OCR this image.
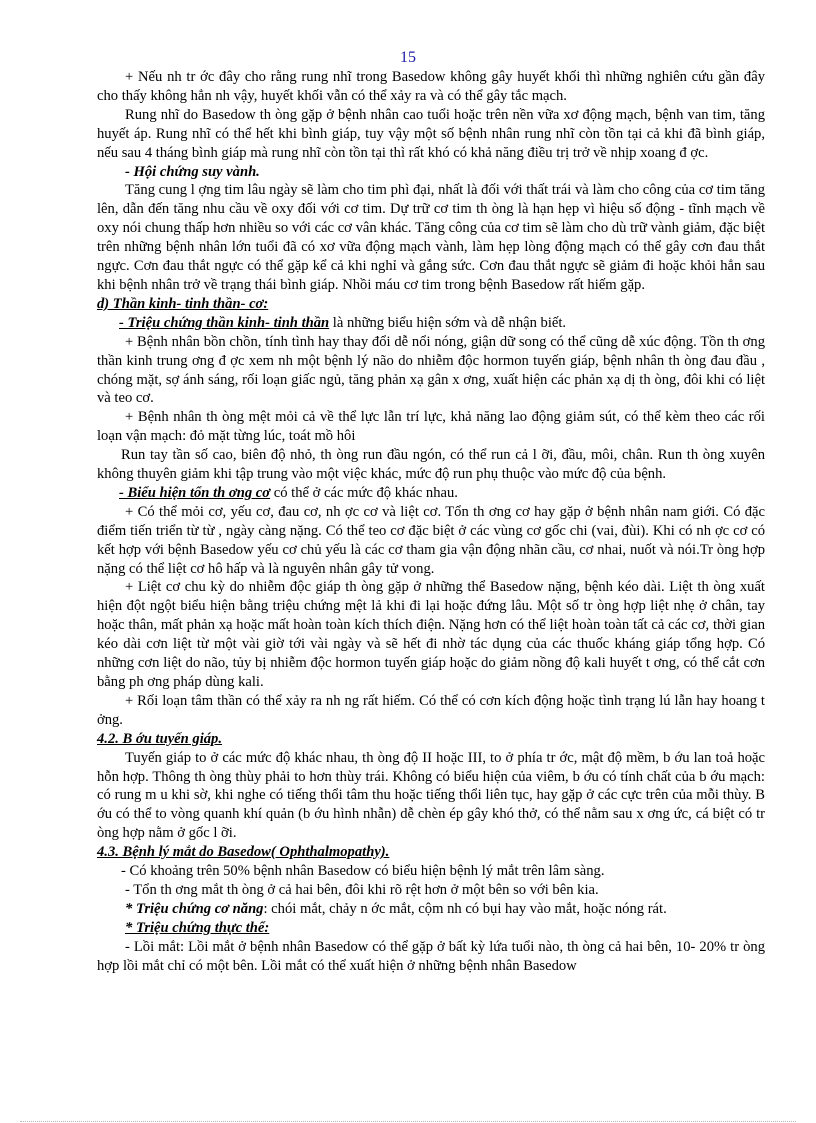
15

+ Nếu nh tr ớc đây cho rằng rung nhĩ trong Basedow không gây huyết khối thì những nghiên cứu gần đây cho thấy không hẳn nh vậy, huyết khối vẫn có thể xảy ra và có thể gây tắc mạch.

Rung nhĩ do Basedow th òng gặp ở bệnh nhân cao tuổi hoặc trên nền vữa xơ động mạch, bệnh van tim, tăng huyết áp. Rung nhĩ có thể hết khi bình giáp, tuy vậy một số bệnh nhân rung nhĩ còn tồn tại cả khi đã bình giáp, nếu sau 4 tháng bình giáp mà rung nhĩ còn tồn tại thì rất khó có khả năng điều trị trở về nhịp xoang đ ợc.

- Hội chứng suy vành.

Tăng cung l ợng tim lâu ngày sẽ làm cho tim phì đại, nhất là đối với thất trái và làm cho công của cơ tim tăng lên, dẫn đến tăng nhu cầu về oxy đối với cơ tim. Dự trữ cơ tim th òng là hạn hẹp vì hiệu số động - tĩnh mạch về oxy nói chung thấp hơn nhiều so với các cơ vân khác. Tăng công của cơ tim sẽ làm cho dù trữ vành giảm, đặc biệt trên những bệnh nhân lớn tuổi đã có xơ vữa động mạch vành, làm hẹp lòng động mạch có thể gây cơn đau thắt ngực. Cơn đau thắt ngực có thể gặp kể cả khi nghỉ và gắng sức. Cơn đau thắt ngực sẽ giảm đi hoặc khỏi hẳn sau khi bệnh nhân trở về trạng thái bình giáp. Nhồi máu cơ tim trong bệnh Basedow rất hiếm gặp.

d) Thần kinh- tinh thần- cơ:

- Triệu chứng thần kinh- tinh thần là những biểu hiện sớm và dễ nhận biết.

+ Bệnh nhân bồn chồn, tính tình hay thay đổi dễ nổi nóng, giận dữ song có thể cũng dễ xúc động. Tồn th ơng thần kinh trung ơng đ ợc xem nh một bệnh lý não do nhiễm độc hormon tuyến giáp, bệnh nhân th òng đau đầu , chóng mặt, sợ ánh sáng, rối loạn giấc ngủ, tăng phản xạ gân x ơng, xuất hiện các phản xạ dị th òng, đôi khi có liệt và teo cơ.

+ Bệnh nhân th òng mệt mỏi cả về thể lực lẫn trí lực, khả năng lao động giảm sút, có thể kèm theo các rối loạn vận mạch: đỏ mặt từng lúc, toát mồ hôi

Run tay tần số cao, biên độ nhỏ, th òng run đầu ngón, có thể run cả l ỡi, đầu, môi, chân. Run th òng xuyên không thuyên giảm khi tập trung vào một việc khác, mức độ run phụ thuộc vào mức độ của bệnh.

- Biểu hiện tổn th ơng cơ có thể ở các mức độ khác nhau.

+ Có thể mỏi cơ, yếu cơ, đau cơ, nh ợc cơ và liệt cơ. Tổn th ơng cơ hay gặp ở bệnh nhân nam giới. Có đặc điểm tiến triển từ từ , ngày càng nặng. Có thể teo cơ đặc biệt ở các vùng cơ gốc chi (vai, đùi). Khi có nh ợc cơ có kết hợp với bệnh Basedow yếu cơ chủ yếu là các cơ tham gia vận động nhãn cầu, cơ nhai, nuốt và nói.Tr òng hợp nặng có thể liệt cơ hô hấp và là nguyên nhân gây tử vong.

+ Liệt cơ chu kỳ do nhiễm độc giáp th òng gặp ở những thể Basedow nặng, bệnh kéo dài. Liệt th òng xuất hiện đột ngột biểu hiện bằng triệu chứng mệt lả khi đi lại hoặc đứng lâu. Một số tr òng hợp liệt nhẹ ở chân, tay hoặc thân, mất phản xạ hoặc mất hoàn toàn kích thích điện. Nặng hơn có thể liệt hoàn toàn tất cả các cơ, thời gian kéo dài cơn liệt từ một vài giờ tới vài ngày và sẽ hết đi nhờ tác dụng của các thuốc kháng giáp tổng hợp. Có những cơn liệt do não, tủy bị nhiễm độc hormon tuyến giáp hoặc do giảm nồng độ kali huyết t ơng, có thể cắt cơn bằng ph ơng pháp dùng kali.

+ Rối loạn tâm thần có thể xảy ra nh ng rất hiếm. Có thể có cơn kích động hoặc tình trạng lú lẫn hay hoang t ởng.

4.2. B ớu tuyến giáp.

Tuyến giáp to ở các mức độ khác nhau, th òng độ II hoặc III, to ở phía tr ớc, mật độ mềm, b ớu lan toả hoặc hỗn hợp. Thông th òng thùy phải to hơn thùy trái. Không có biểu hiện của viêm, b ớu có tính chất của b ớu mạch: có rung m u khi sờ, khi nghe có tiếng thổi tâm thu hoặc tiếng thổi liên tục, hay gặp ở các cực trên của mỗi thùy. B ớu có thể to vòng quanh khí quản (b ớu hình nhẫn) dễ chèn ép gây khó thở, có thể nằm sau x ơng ức, cá biệt có tr òng hợp nằm ở gốc l ỡi.

4.3. Bệnh lý mắt do Basedow( Ophthalmopathy).

- Có khoảng trên 50% bệnh nhân Basedow có biểu hiện bệnh lý mắt trên lâm sàng.

- Tổn th ơng mắt th òng ở cả hai bên, đôi khi rõ rệt hơn ở một bên so với bên kia.

* Triệu chứng cơ năng: chói mắt, chảy n ớc mắt, cộm nh có bụi hay vào mắt, hoặc nóng rát.

* Triệu chứng thực thể:

- Lồi mắt: Lồi mắt ở bệnh nhân Basedow có thể gặp ở bất kỳ lứa tuổi nào, th òng cả hai bên, 10- 20% tr òng hợp lồi mắt chỉ có một bên. Lồi mắt có thể xuất hiện ở những bệnh nhân Basedow
